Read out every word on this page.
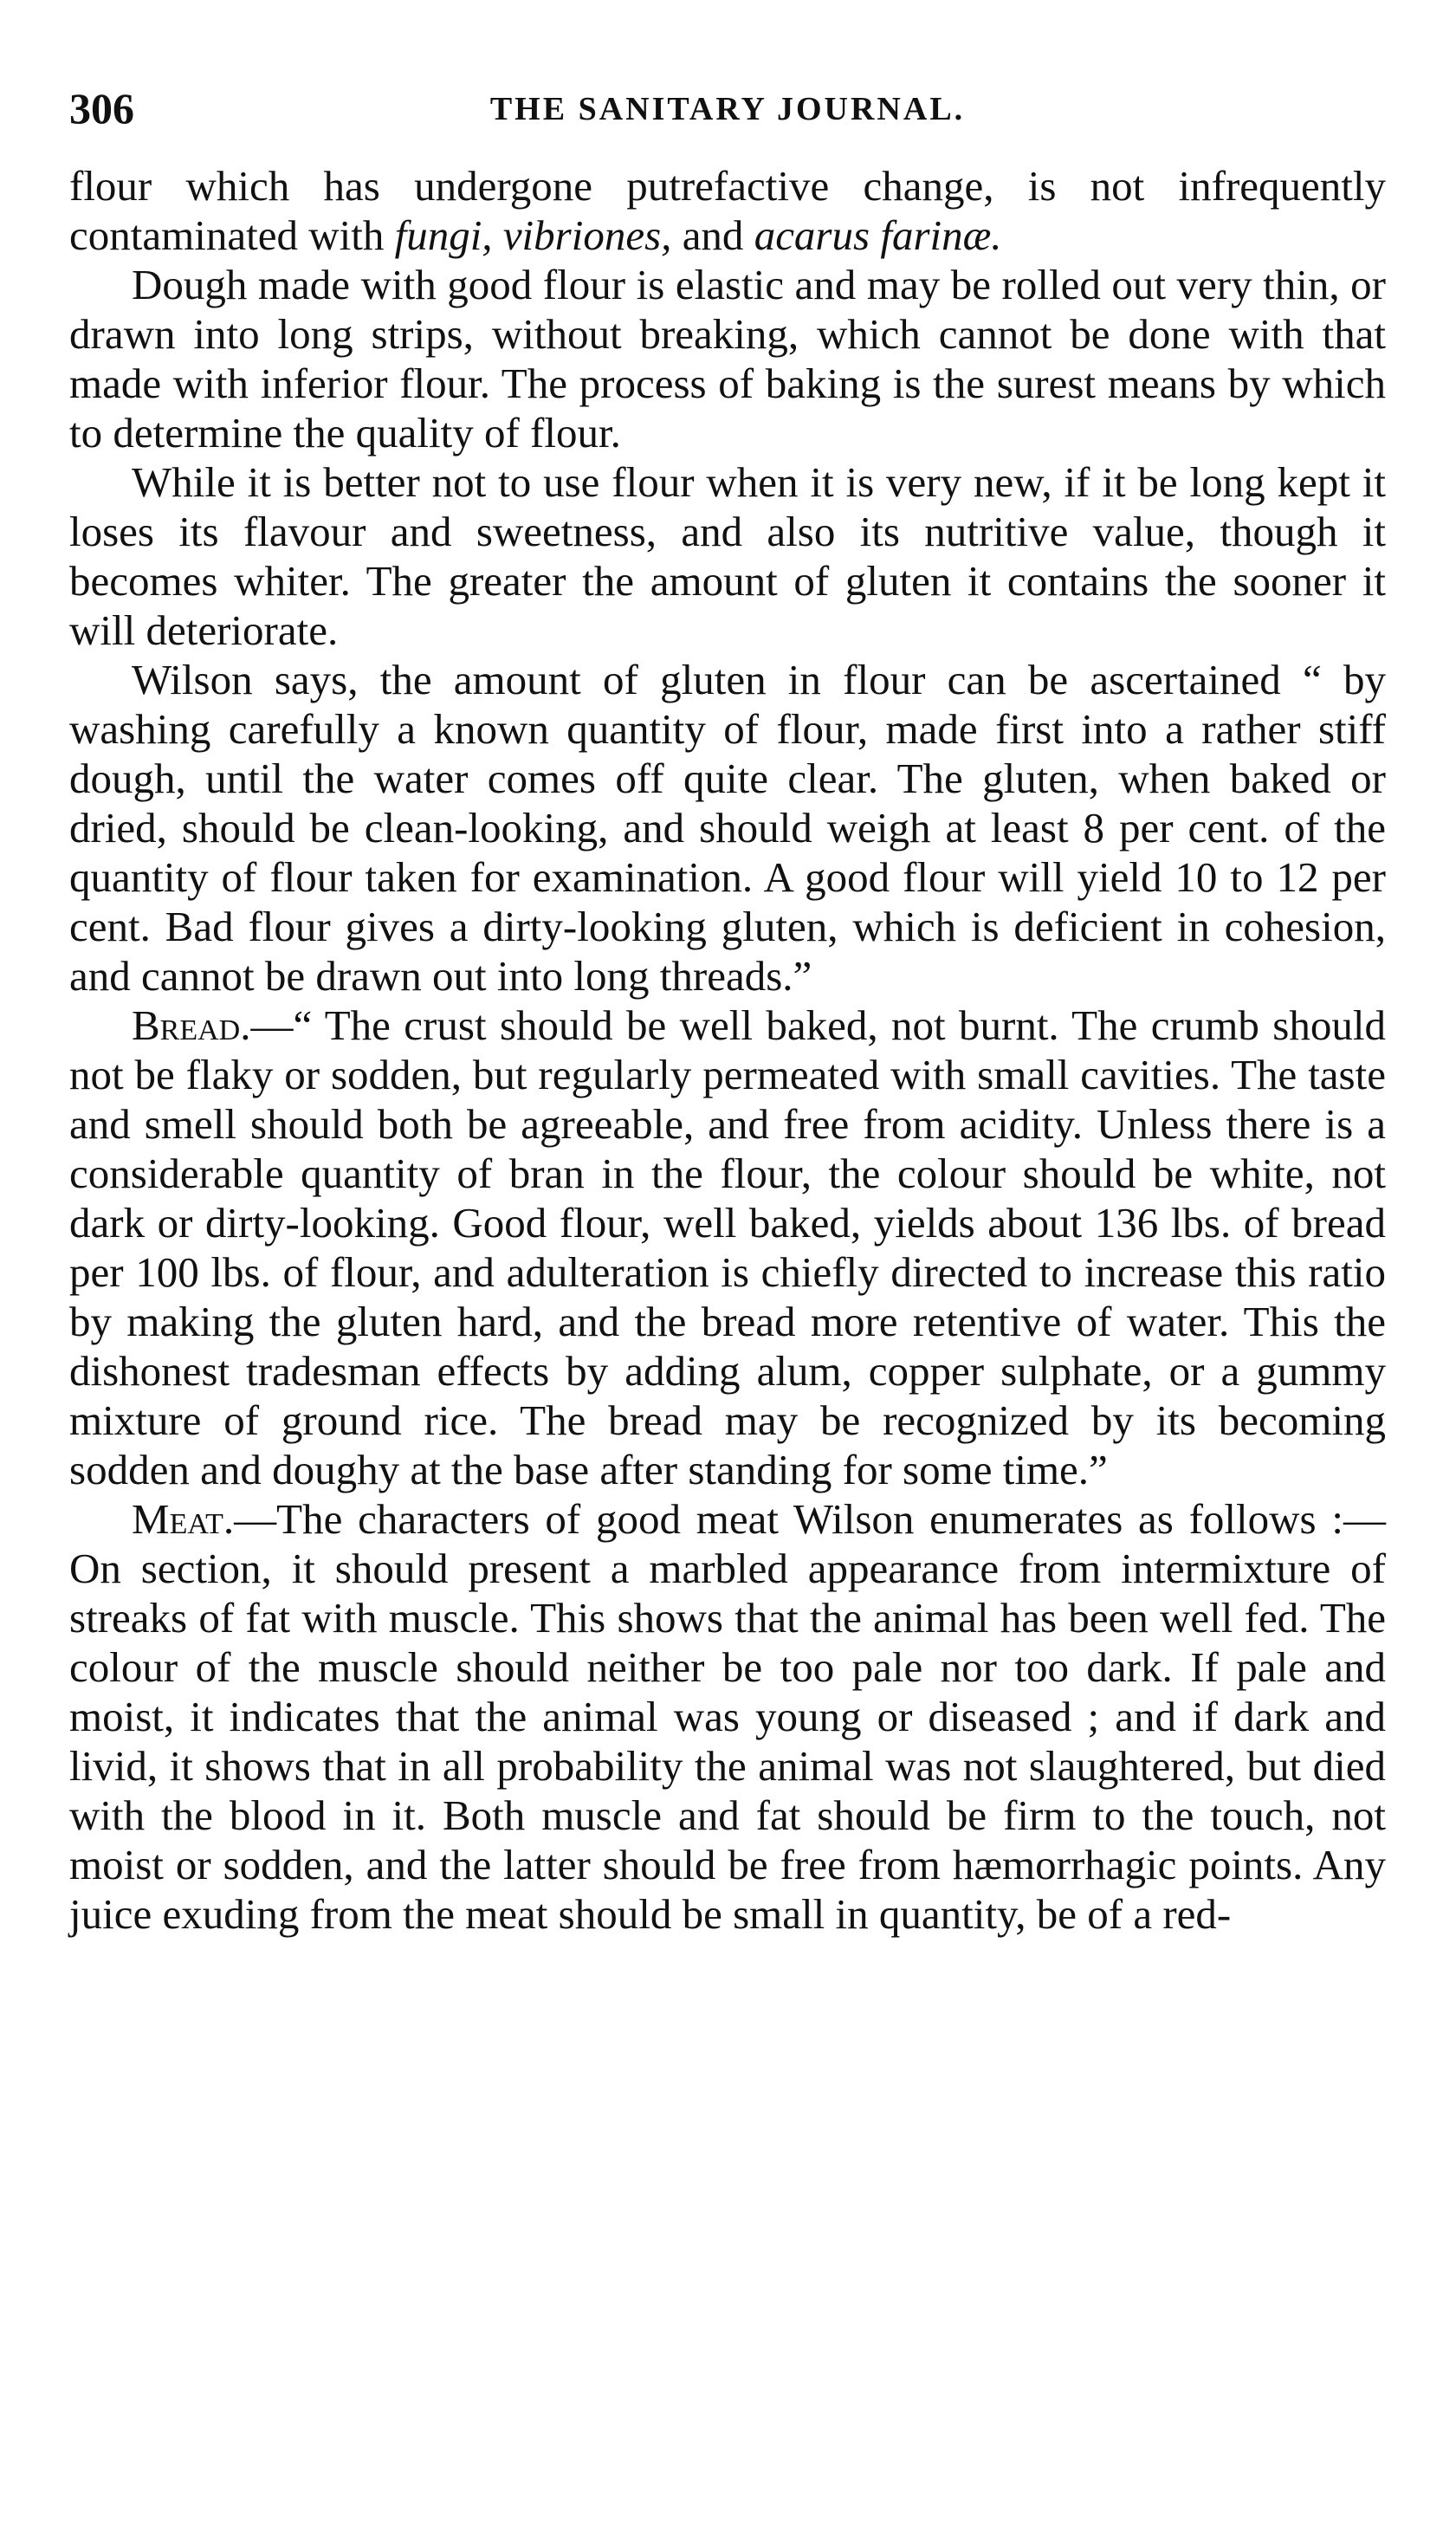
306	THE SANITARY JOURNAL.

flour which has undergone putrefactive change, is not infrequently contaminated with fungi, vibriones, and acarus farinæ.

Dough made with good flour is elastic and may be rolled out very thin, or drawn into long strips, without breaking, which cannot be done with that made with inferior flour. The process of baking is the surest means by which to determine the quality of flour.

While it is better not to use flour when it is very new, if it be long kept it loses its flavour and sweetness, and also its nutritive value, though it becomes whiter. The greater the amount of gluten it contains the sooner it will deteriorate.

Wilson says, the amount of gluten in flour can be ascertained “ by washing carefully a known quantity of flour, made first into a rather stiff dough, until the water comes off quite clear. The gluten, when baked or dried, should be clean-looking, and should weigh at least 8 per cent. of the quantity of flour taken for examination. A good flour will yield 10 to 12 per cent. Bad flour gives a dirty-looking gluten, which is deficient in cohesion, and cannot be drawn out into long threads.”

Bread.—“ The crust should be well baked, not burnt. The crumb should not be flaky or sodden, but regularly permeated with small cavities. The taste and smell should both be agreeable, and free from acidity. Unless there is a considerable quantity of bran in the flour, the colour should be white, not dark or dirty-looking. Good flour, well baked, yields about 136 lbs. of bread per 100 lbs. of flour, and adulteration is chiefly directed to increase this ratio by making the gluten hard, and the bread more retentive of water. This the dishonest tradesman effects by adding alum, copper sulphate, or a gummy mixture of ground rice. The bread may be recognized by its becoming sodden and doughy at the base after standing for some time.”

Meat.—The characters of good meat Wilson enumerates as follows :—On section, it should present a marbled appearance from intermixture of streaks of fat with muscle. This shows that the animal has been well fed. The colour of the muscle should neither be too pale nor too dark. If pale and moist, it indicates that the animal was young or diseased ; and if dark and livid, it shows that in all probability the animal was not slaughtered, but died with the blood in it. Both muscle and fat should be firm to the touch, not moist or sodden, and the latter should be free from hæmorrhagic points. Any juice exuding from the meat should be small in quantity, be of a red-
